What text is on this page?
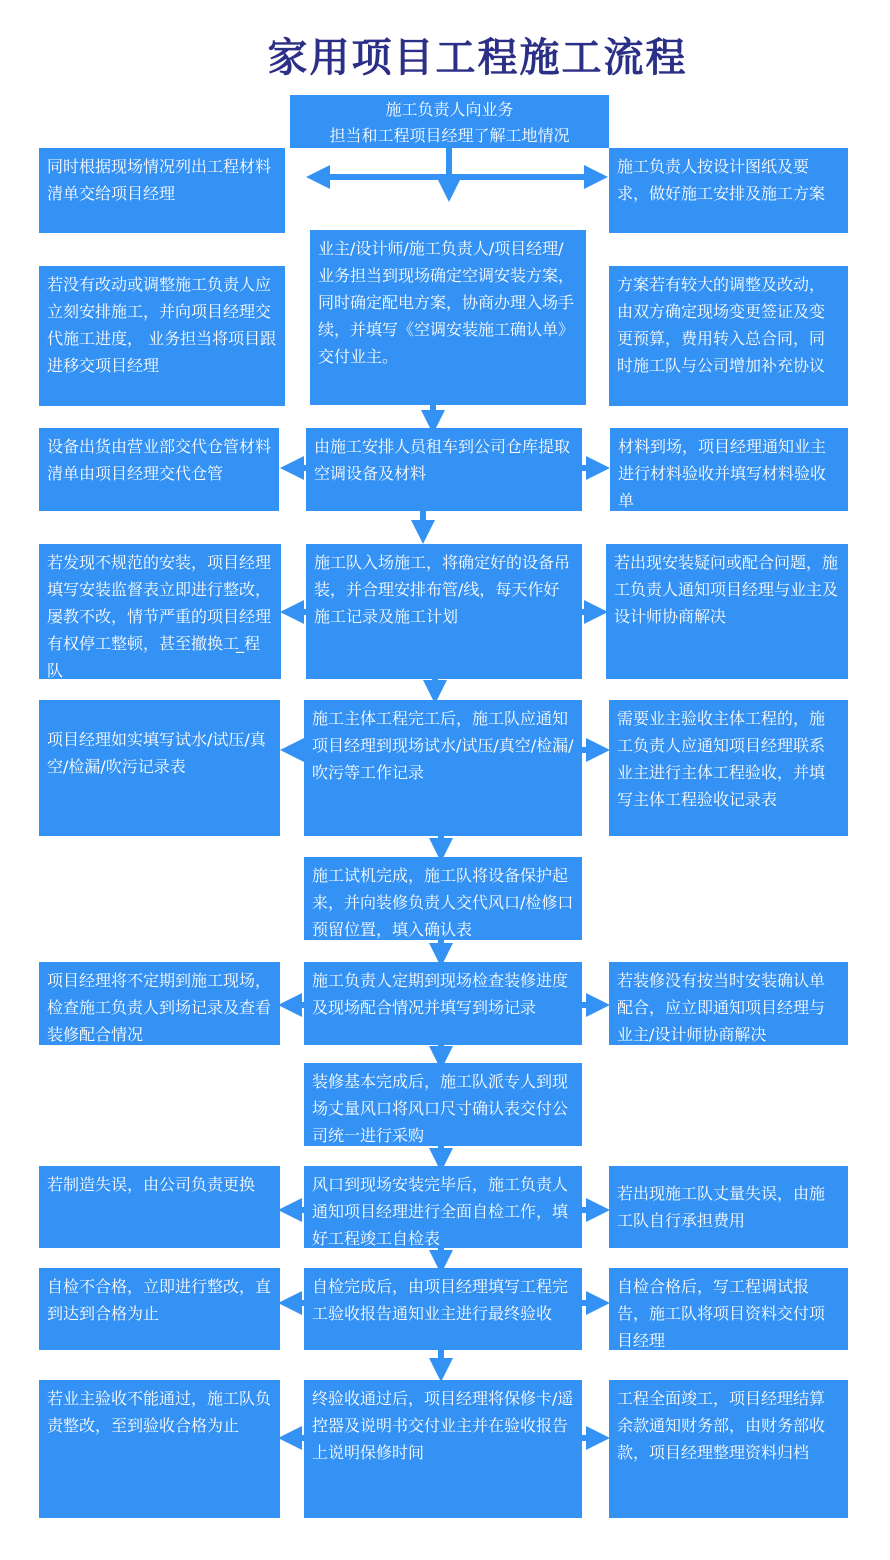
家用项目工程施工流程
施工负责人向业务
担当和工程项目经理了解工地情况
同时根据现场情况列出工程材料清单交给项目经理
施工负责人按设计图纸及要求，做好施工安排及施工方案
业主/设计师/施工负责人/项目经理/业务担当到现场确定空调安装方案，同时确定配电方案，协商办理入场手续，并填写《空调安装施工确认单》交付业主。
若没有改动或调整施工负责人应立刻安排施工，并向项目经理交代施工进度， 业务担当将项目跟进移交项目经理
方案若有较大的调整及改动，由双方确定现场变更签证及变更预算，费用转入总合同，同时施工队与公司增加补充协议
由施工安排人员租车到公司仓库提取空调设备及材料
设备出货由营业部交代仓管材料清单由项目经理交代仓管
材料到场，项目经理通知业主进行材料验收并填写材料验收单
施工队入场施工，将确定好的设备吊装，并合理安排布管/线，每天作好施工记录及施工计划
若发现不规范的安装，项目经理填写安装监督表立即进行整改，屡教不改，情节严重的项目经理有权停工整顿，甚至撤换工 ̲程队
若出现安装疑问或配合问题，施工负责人通知项目经理与业主及设计师协商解决
施工主体工程完工后，施工队应通知项目经理到现场试水/试压/真空/检漏/吹污等工作记录
项目经理如实填写试水/试压/真空/检漏/吹污记录表
需要业主验收主体工程的，施工负责人应通知项目经理联系业主进行主体工程验收，并填写主体工程验收记录表
施工试机完成，施工队将设备保护起来，并向装修负责人交代风口/检修口预留位置，填入确认表
施工负责人定期到现场检查装修进度及现场配合情况并填写到场记录
项目经理将不定期到施工现场，检查施工负责人到场记录及查看装修配合情况
若装修没有按当时安装确认单配合，应立即通知项目经理与业主/设计师协商解决
装修基本完成后，施工队派专人到现场丈量风口将风口尺寸确认表交付公司统一进行采购
风口到现场安装完毕后，施工负责人通知项目经理进行全面自检工作，填好工程竣工自检表
若制造失误，由公司负责更换	若出现施工队丈量失误，由施工队自行承担费用
自检完成后，由项目经理填写工程完工验收报告通知业主进行最终验收
自检不合格，立即进行整改，直到达到合格为止
自检合格后，写工程调试报告，施工队将项目资料交付项目经理
终验收通过后，项目经理将保修卡/遥控器及说明书交付业主并在验收报告上说明保修时间
若业主验收不能通过，施工队负责整改，至到验收合格为止
工程全面竣工，项目经理结算余款通知财务部，由财务部收款，项目经理整理资料归档
